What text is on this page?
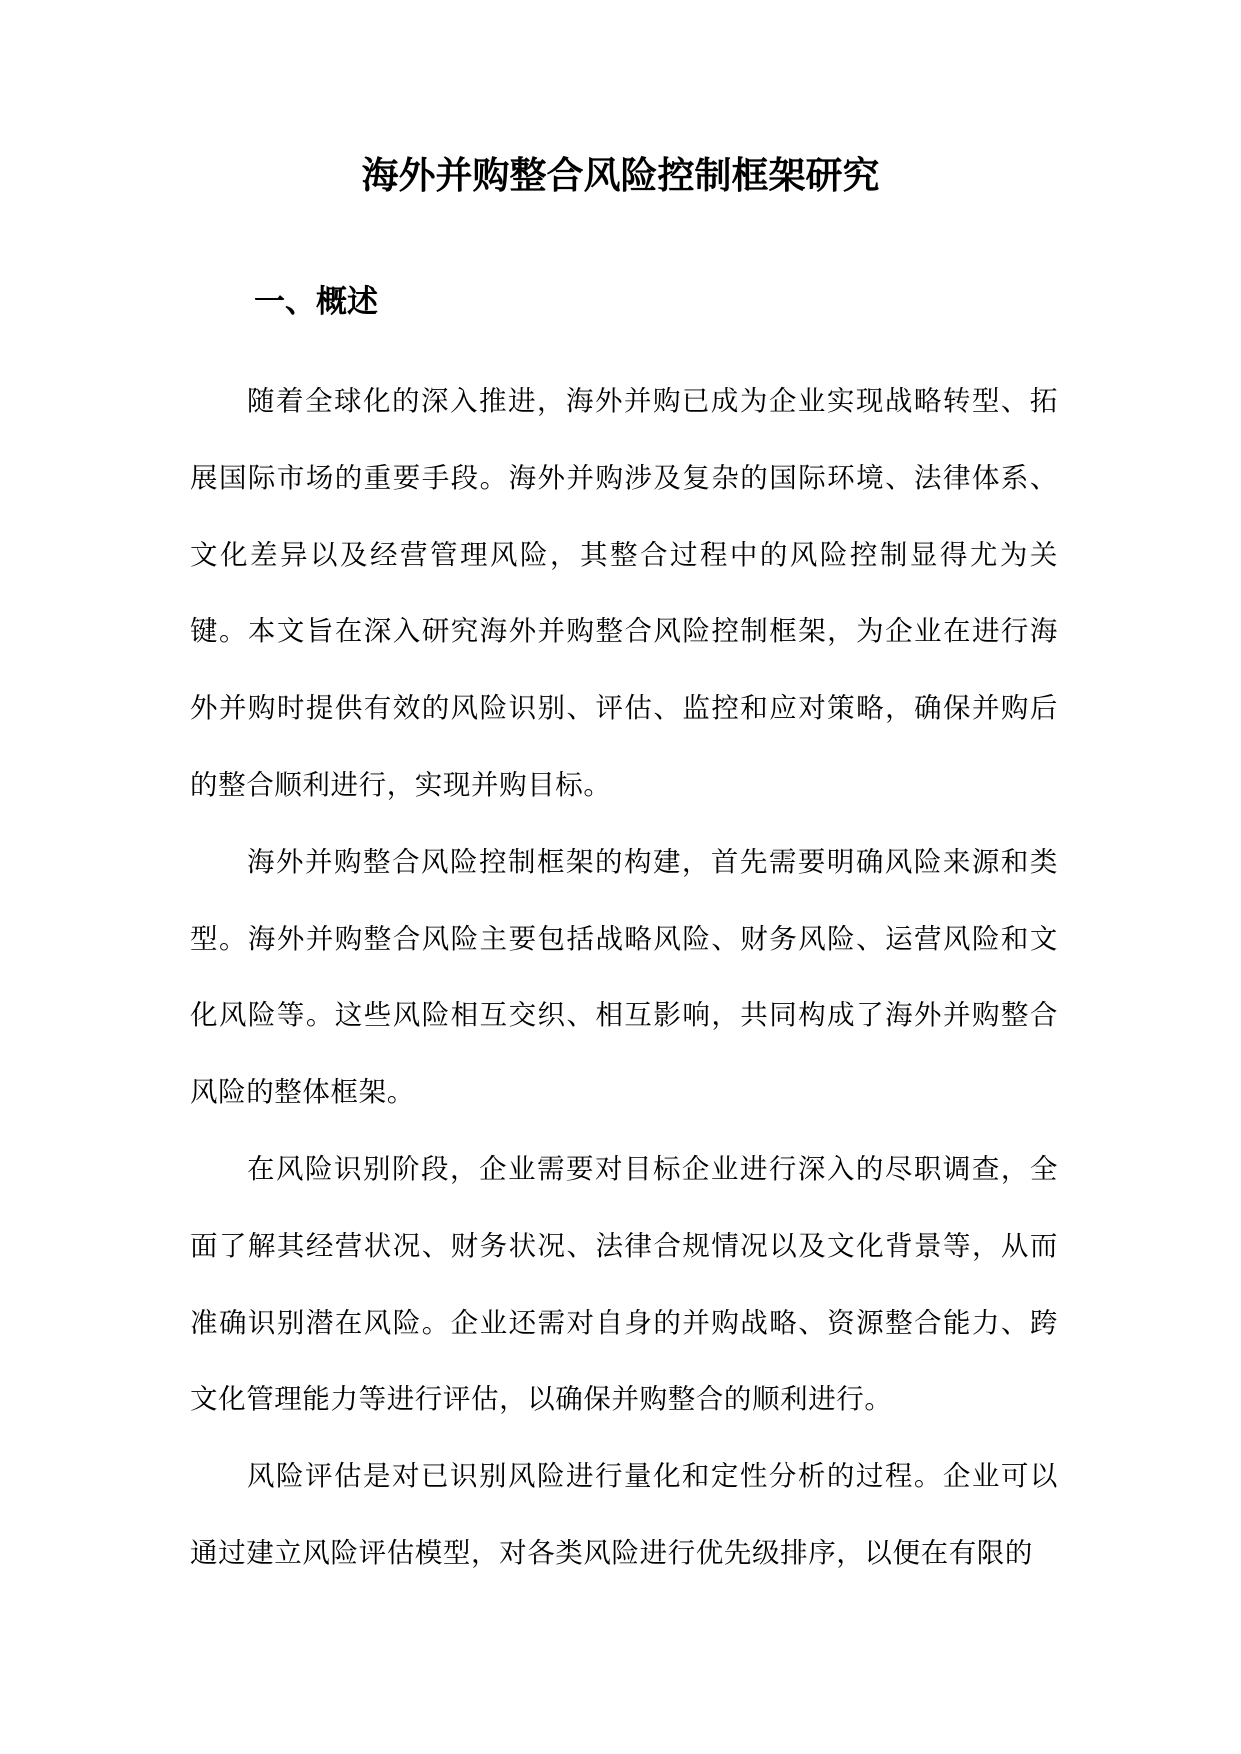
海外并购整合风险控制框架研究
一、概述

随着全球化的深入推进，海外并购已成为企业实现战略转型、拓展国际市场的重要手段。海外并购涉及复杂的国际环境、法律体系、文化差异以及经营管理风险，其整合过程中的风险控制显得尤为关键。本文旨在深入研究海外并购整合风险控制框架，为企业在进行海外并购时提供有效的风险识别、评估、监控和应对策略，确保并购后的整合顺利进行，实现并购目标。

海外并购整合风险控制框架的构建，首先需要明确风险来源和类型。海外并购整合风险主要包括战略风险、财务风险、运营风险和文化风险等。这些风险相互交织、相互影响，共同构成了海外并购整合风险的整体框架。

在风险识别阶段，企业需要对目标企业进行深入的尽职调查，全面了解其经营状况、财务状况、法律合规情况以及文化背景等，从而准确识别潜在风险。企业还需对自身的并购战略、资源整合能力、跨文化管理能力等进行评估，以确保并购整合的顺利进行。

风险评估是对已识别风险进行量化和定性分析的过程。企业可以通过建立风险评估模型，对各类风险进行优先级排序，以便在有限的
